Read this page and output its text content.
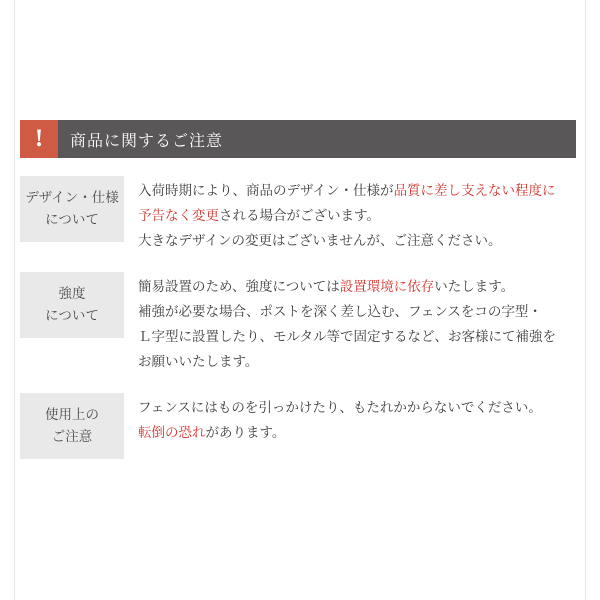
!	商品に関するご注意
デザイン・仕様
について

入荷時期により、商品のデザイン・仕様が品質に差し支えない程度に

予告なく変更される場合がございます。

大きなデザインの変更はございませんが、ご注意ください。

強度
について

簡易設置のため、強度については設置環境に依存いたします。

補強が必要な場合、ポストを深く差し込む、フェンスをコの字型・

Ｌ字型に設置したり、モルタル等で固定するなど、お客様にて補強を

お願いいたします。

使用上の
ご注意

フェンスにはものを引っかけたり、もたれかからないでください。

転倒の恐れがあります。
